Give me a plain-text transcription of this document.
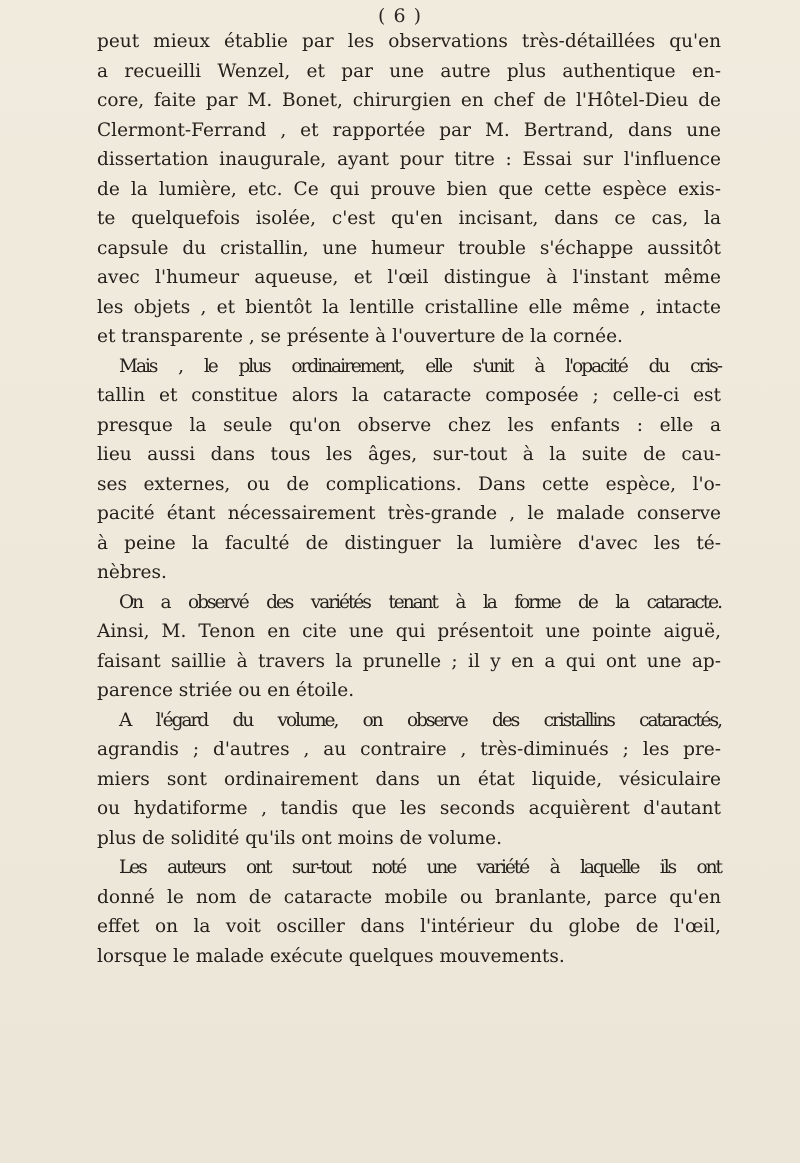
( 6 )

peut mieux établie par les observations très-détaillées qu'en
a recueilli Wenzel, et par une autre plus authentique en-
core, faite par M. Bonet, chirurgien en chef de l'Hôtel-Dieu de
Clermont-Ferrand , et rapportée par M. Bertrand, dans une
dissertation inaugurale, ayant pour titre : Essai sur l'influence
de la lumière, etc. Ce qui prouve bien que cette espèce exis-
te quelquefois isolée, c'est qu'en incisant, dans ce cas, la
capsule du cristallin, une humeur trouble s'échappe aussitôt
avec l'humeur aqueuse, et l'œil distingue à l'instant même
les objets , et bientôt la lentille cristalline elle même , intacte
et transparente , se présente à l'ouverture de la cornée.

Mais , le plus ordinairement, elle s'unit à l'opacité du cris-
tallin et constitue alors la cataracte composée ; celle-ci est
presque la seule qu'on observe chez les enfants : elle a
lieu aussi dans tous les âges, sur-tout à la suite de cau-
ses externes, ou de complications. Dans cette espèce, l'o-
pacité étant nécessairement très-grande , le malade conserve
à peine la faculté de distinguer la lumière d'avec les té-
nèbres.

On a observé des variétés tenant à la forme de la cataracte.
Ainsi, M. Tenon en cite une qui présentoit une pointe aiguë,
faisant saillie à travers la prunelle ; il y en a qui ont une ap-
parence striée ou en étoile.

A l'égard du volume, on observe des cristallins cataractés,
agrandis ; d'autres , au contraire , très-diminués ; les pre-
miers sont ordinairement dans un état liquide, vésiculaire
ou hydatiforme , tandis que les seconds acquièrent d'autant
plus de solidité qu'ils ont moins de volume.

Les auteurs ont sur-tout noté une variété à laquelle ils ont
donné le nom de cataracte mobile ou branlante, parce qu'en
effet on la voit osciller dans l'intérieur du globe de l'œil,
lorsque le malade exécute quelques mouvements.
